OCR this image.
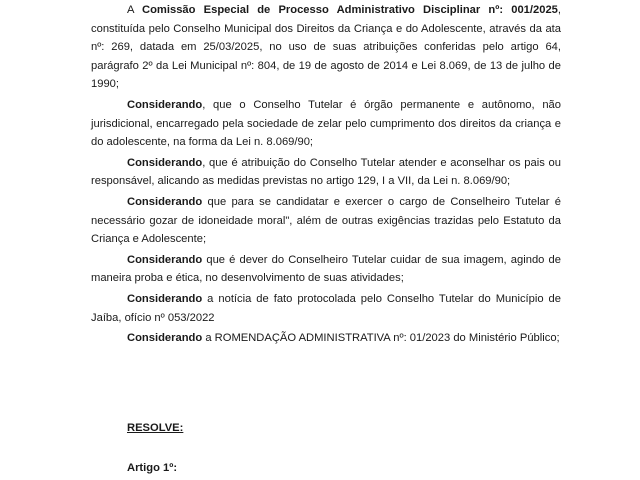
A Comissão Especial de Processo Administrativo Disciplinar nº: 001/2025, constituída pelo Conselho Municipal dos Direitos da Criança e do Adolescente, através da ata nº: 269, datada em 25/03/2025, no uso de suas atribuições conferidas pelo artigo 64, parágrafo 2º da Lei Municipal nº: 804, de 19 de agosto de 2014 e Lei 8.069, de 13 de julho de 1990;

Considerando, que o Conselho Tutelar é órgão permanente e autônomo, não jurisdicional, encarregado pela sociedade de zelar pelo cumprimento dos direitos da criança e do adolescente, na forma da Lei n. 8.069/90;

Considerando, que é atribuição do Conselho Tutelar atender e aconselhar os pais ou responsável, alicando as medidas previstas no artigo 129, I a VII, da Lei n. 8.069/90;

Considerando que para se candidatar e exercer o cargo de Conselheiro Tutelar é necessário gozar de idoneidade moral", além de outras exigências trazidas pelo Estatuto da Criança e Adolescente;

Considerando que é dever do Conselheiro Tutelar cuidar de sua imagem, agindo de maneira proba e ética, no desenvolvimento de suas atividades;

Considerando a notícia de fato protocolada pelo Conselho Tutelar do Município de Jaíba, ofício nº 053/2022

Considerando a ROMENDAÇÃO ADMINISTRATIVA nº: 01/2023 do Ministério Público;

RESOLVE:

Artigo 1º:
